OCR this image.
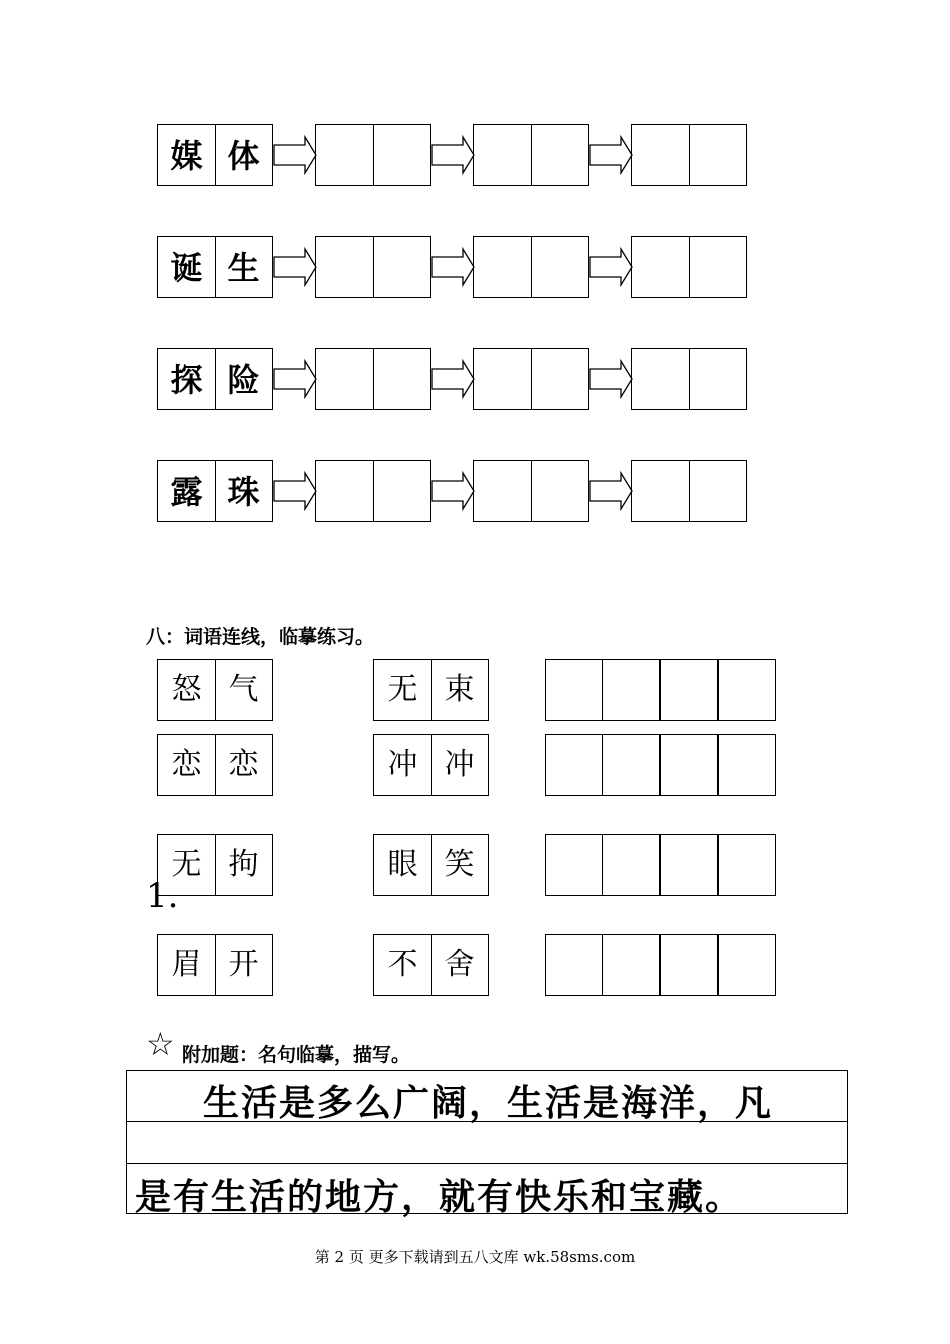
媒 体
诞 生
探 险
露 珠
八：词语连线，临摹练习。
怒 气
恋 恋
无 拘
眉 开
1.
无 束
冲 冲
眼 笑
不 舍
☆ 附加题：名句临摹，描写。
生活是多么广阔，生活是海洋，凡
是有生活的地方，就有快乐和宝藏。
第 2 页 更多下载请到五八文库 wk.58sms.com
